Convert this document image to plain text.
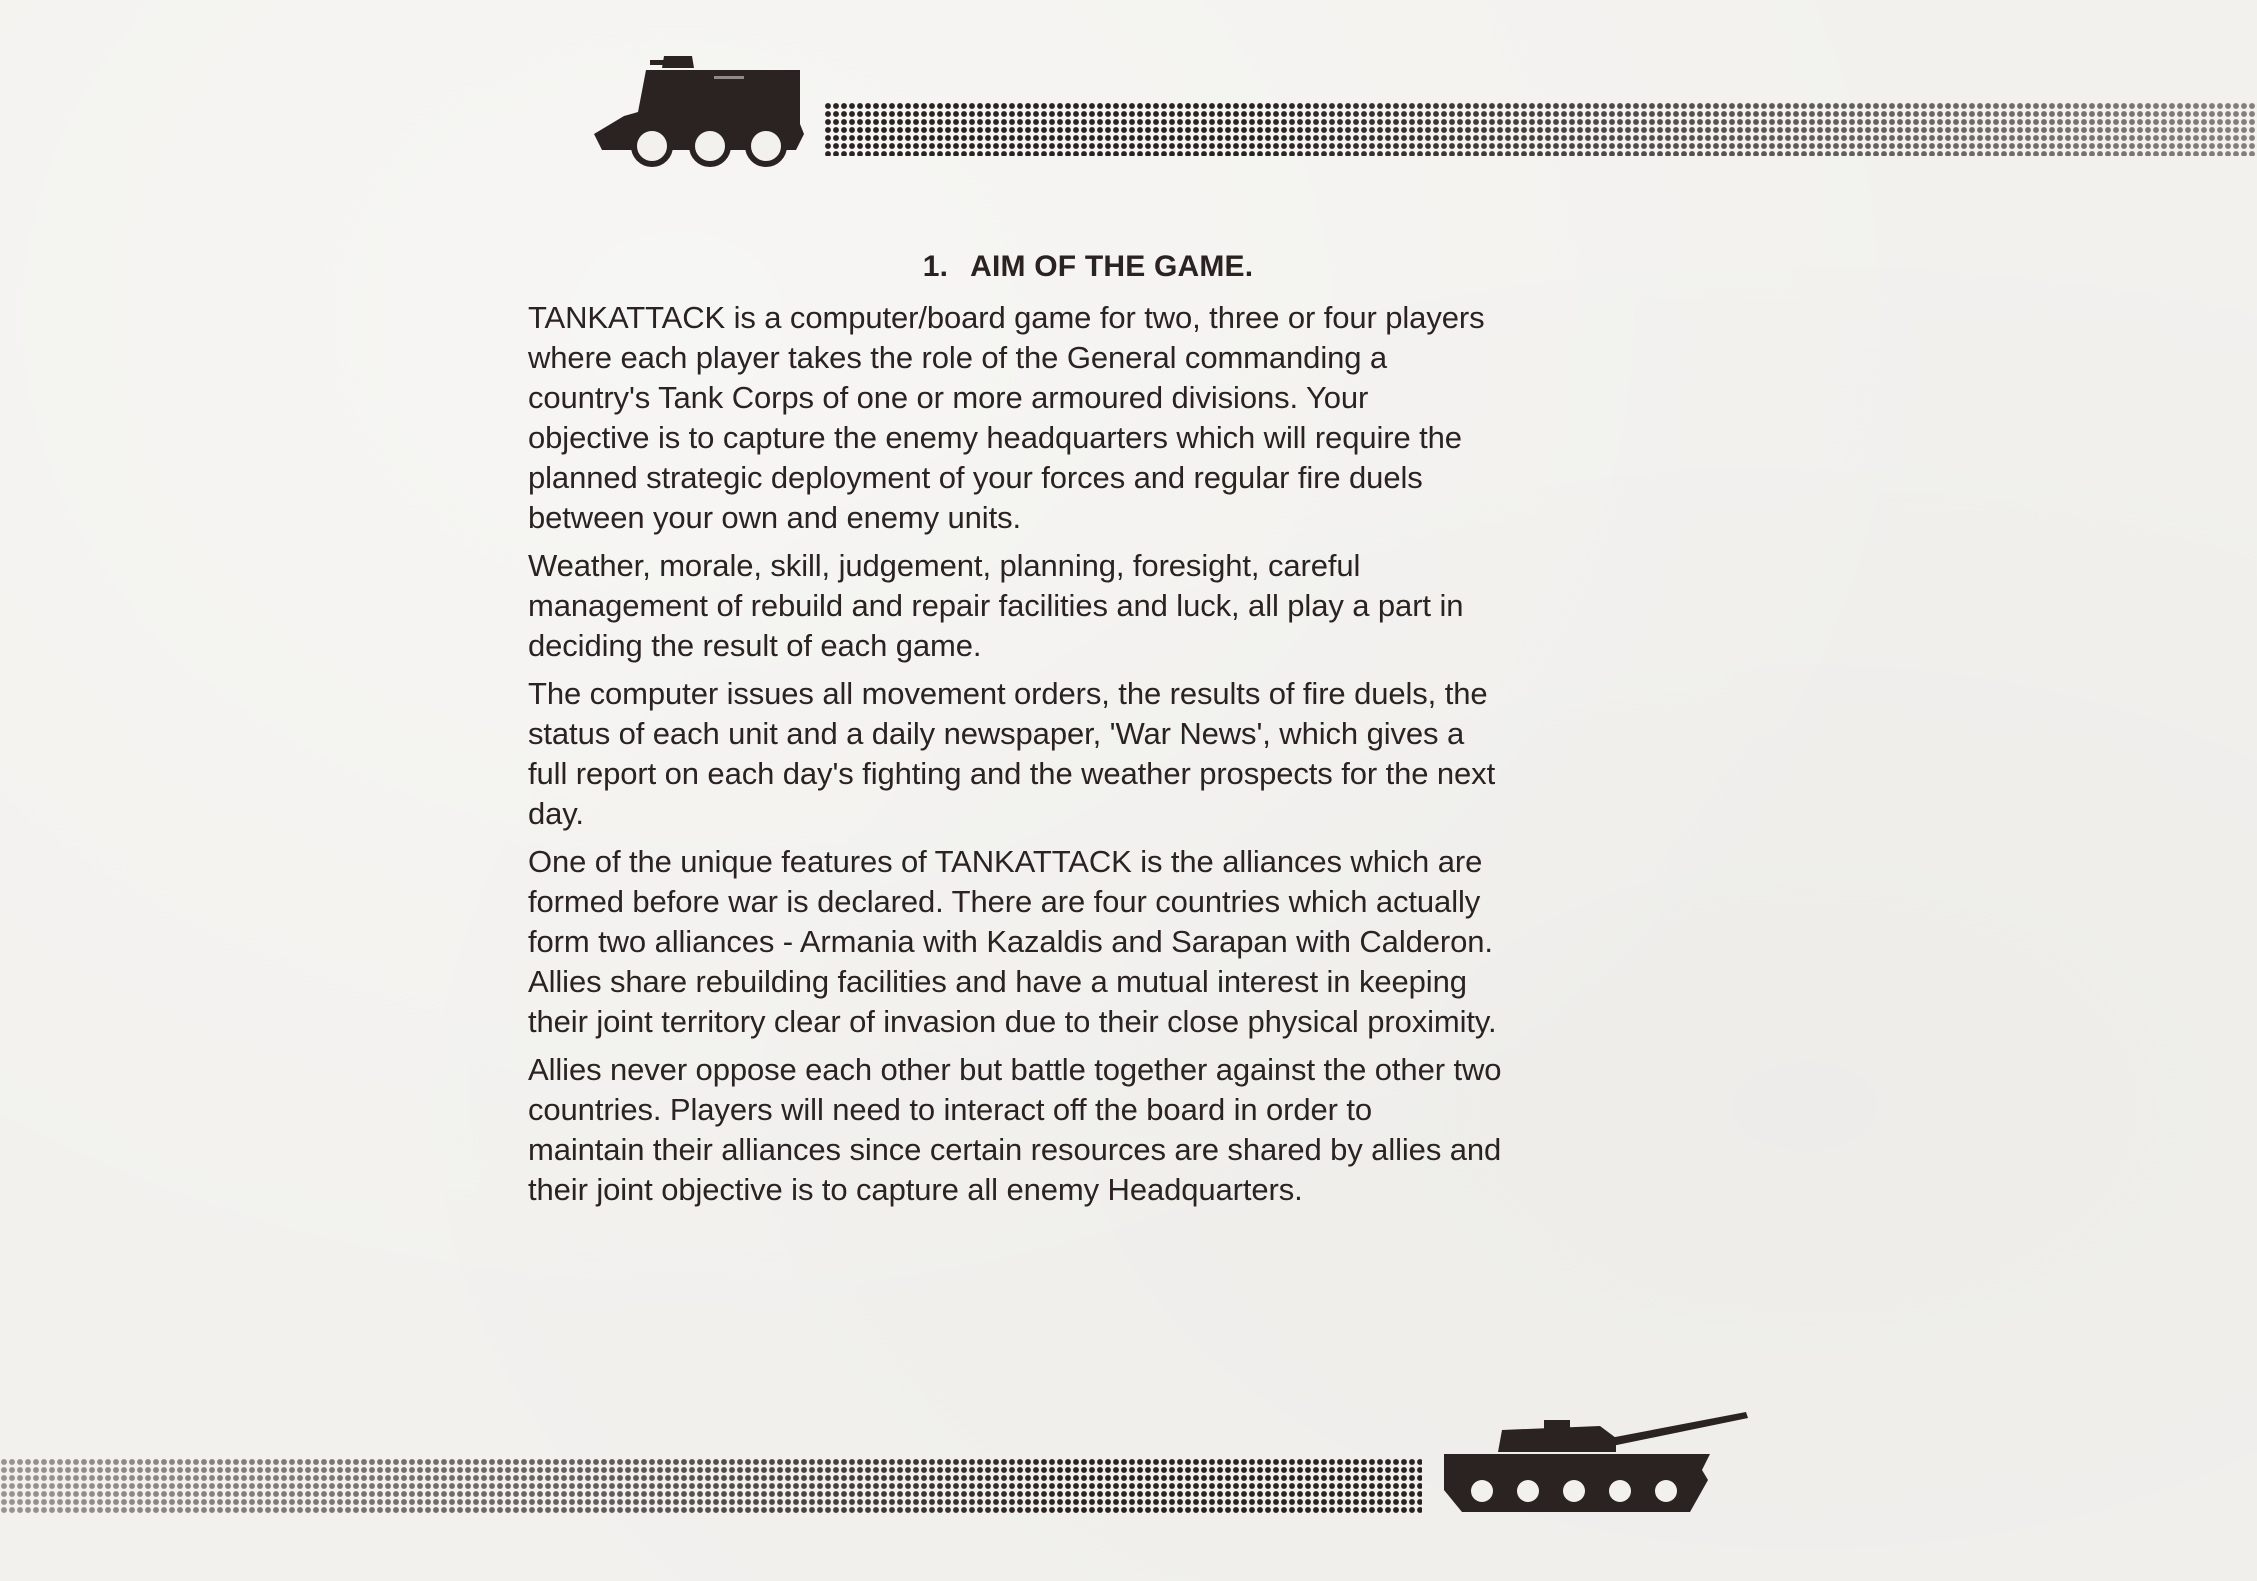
1. AIM OF THE GAME.

TANKATTACK is a computer/board game for two, three or four players
where each player takes the role of the General commanding a
country's Tank Corps of one or more armoured divisions. Your
objective is to capture the enemy headquarters which will require the
planned strategic deployment of your forces and regular fire duels
between your own and enemy units.

Weather, morale, skill, judgement, planning, foresight, careful
management of rebuild and repair facilities and luck, all play a part in
deciding the result of each game.

The computer issues all movement orders, the results of fire duels, the
status of each unit and a daily newspaper, 'War News', which gives a
full report on each day's fighting and the weather prospects for the next
day.

One of the unique features of TANKATTACK is the alliances which are
formed before war is declared. There are four countries which actually
form two alliances - Armania with Kazaldis and Sarapan with Calderon.
Allies share rebuilding facilities and have a mutual interest in keeping
their joint territory clear of invasion due to their close physical proximity.

Allies never oppose each other but battle together against the other two
countries. Players will need to interact off the board in order to
maintain their alliances since certain resources are shared by allies and
their joint objective is to capture all enemy Headquarters.
